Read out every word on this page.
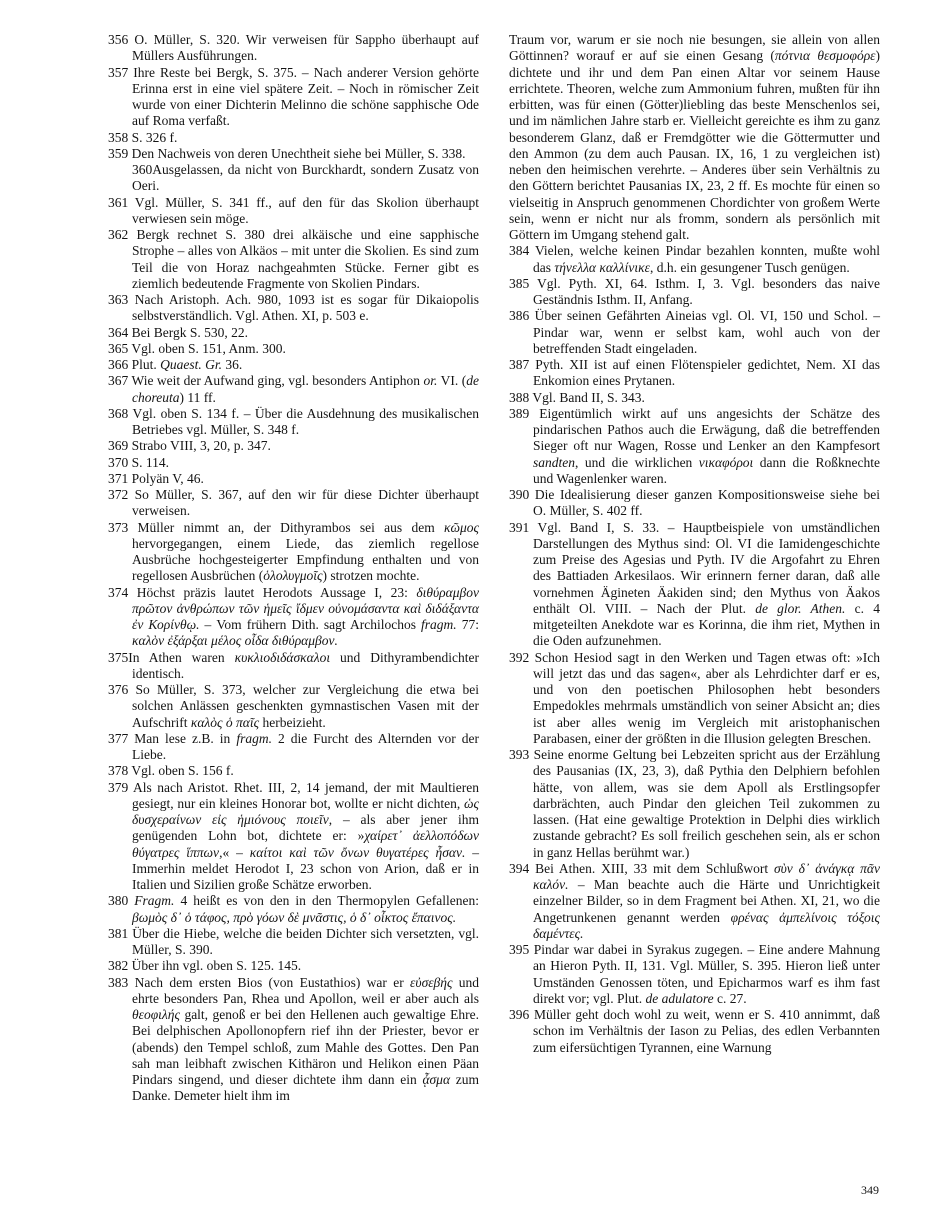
356 O. Müller, S. 320. Wir verweisen für Sappho überhaupt auf Müllers Ausführungen.

357 Ihre Reste bei Bergk, S. 375. – Nach anderer Version gehörte Erinna erst in eine viel spätere Zeit. – Noch in römischer Zeit wurde von einer Dichterin Melinno die schöne sapphische Ode auf Roma verfaßt.

358 S. 326 f.

359 Den Nachweis von deren Unechtheit siehe bei Müller, S. 338.

360Ausgelassen, da nicht von Burckhardt, sondern Zusatz von Oeri.

361 Vgl. Müller, S. 341 ff., auf den für das Skolion überhaupt verwiesen sein möge.

362 Bergk rechnet S. 380 drei alkäische und eine sapphische Strophe – alles von Alkäos – mit unter die Skolien. Es sind zum Teil die von Horaz nachgeahmten Stücke. Ferner gibt es ziemlich bedeutende Fragmente von Skolien Pindars.

363 Nach Aristoph. Ach. 980, 1093 ist es sogar für Dikaiopolis selbstverständlich. Vgl. Athen. XI, p. 503 e.

364 Bei Bergk S. 530, 22.

365 Vgl. oben S. 151, Anm. 300.

366 Plut. Quaest. Gr. 36.

367 Wie weit der Aufwand ging, vgl. besonders Antiphon or. VI. (de choreuta) 11 ff.

368 Vgl. oben S. 134 f. – Über die Ausdehnung des musikalischen Betriebes vgl. Müller, S. 348 f.

369 Strabo VIII, 3, 20, p. 347.

370 S. 114.

371 Polyän V, 46.

372 So Müller, S. 367, auf den wir für diese Dichter überhaupt verweisen.

373 Müller nimmt an, der Dithyrambos sei aus dem κῶμος hervorgegangen, einem Liede, das ziemlich regellose Ausbrüche hochgesteigerter Empfindung enthalten und von regellosen Ausbrüchen (ὁλολυγμοῖς) strotzen mochte.

374 Höchst präzis lautet Herodots Aussage I, 23: διθύραμβον πρῶτον ἀνθρώπων τῶν ἡμεῖς ἴδμεν οὐνομάσαντα καὶ διδάξαντα ἐν Κορίνθῳ. – Vom frühern Dith. sagt Archilochos fragm. 77: καλὸν ἐξάρξαι μέλος οἶδα διθύραμβον.

375In Athen waren κυκλιοδιδάσκαλοι und Dithyrambendichter identisch.

376 So Müller, S. 373, welcher zur Vergleichung die etwa bei solchen Anlässen geschenkten gymnastischen Vasen mit der Aufschrift καλὸς ὁ παῖς herbeizieht.

377 Man lese z.B. in fragm. 2 die Furcht des Alternden vor der Liebe.

378 Vgl. oben S. 156 f.

379 Als nach Aristot. Rhet. III, 2, 14 jemand, der mit Maultieren gesiegt, nur ein kleines Honorar bot, wollte er nicht dichten, ὡς δυσχεραίνων εἰς ἡμιόνους ποιεῖν, – als aber jener ihm genügenden Lohn bot, dichtete er: »χαίρετ᾽ ἀελλοπόδων θύγατρες ἵππων,« – καίτοι καὶ τῶν ὄνων θυγατέρες ἦσαν. – Immerhin meldet Herodot I, 23 schon von Arion, daß er in Italien und Sizilien große Schätze erworben.

380 Fragm. 4 heißt es von den in den Thermopylen Gefallenen: βωμὸς δ᾽ ὁ τάφος, πρὸ γόων δὲ μνᾶστις, ὁ δ᾽ οἶκτος ἔπαινος.

381 Über die Hiebe, welche die beiden Dichter sich versetzten, vgl. Müller, S. 390.

382 Über ihn vgl. oben S. 125. 145.

383 Nach dem ersten Bios (von Eustathios) war er εὐσεβής und ehrte besonders Pan, Rhea und Apollon, weil er aber auch als θεοφιλής galt, genoß er bei den Hellenen auch gewaltige Ehre. Bei delphischen Apollonopfern rief ihn der Priester, bevor er (abends) den Tempel schloß, zum Mahle des Gottes. Den Pan sah man leibhaft zwischen Kithäron und Helikon einen Päan Pindars singend, und dieser dichtete ihm dann ein ᾆσμα zum Danke. Demeter hielt ihm im

Traum vor, warum er sie noch nie besungen, sie allein von allen Göttinnen? worauf er auf sie einen Gesang (πότνια θεσμοφόρε) dichtete und ihr und dem Pan einen Altar vor seinem Hause errichtete. Theoren, welche zum Ammonium fuhren, mußten für ihn erbitten, was für einen (Götter)liebling das beste Menschenlos sei, und im nämlichen Jahre starb er. Vielleicht gereichte es ihm zu ganz besonderem Glanz, daß er Fremdgötter wie die Göttermutter und den Ammon (zu dem auch Pausan. IX, 16, 1 zu vergleichen ist) neben den heimischen verehrte. – Anderes über sein Verhältnis zu den Göttern berichtet Pausanias IX, 23, 2 ff. Es mochte für einen so vielseitig in Anspruch genommenen Chordichter von großem Werte sein, wenn er nicht nur als fromm, sondern als persönlich mit Göttern im Umgang stehend galt.

384 Vielen, welche keinen Pindar bezahlen konnten, mußte wohl das τήνελλα καλλίνικε, d.h. ein gesungener Tusch genügen.

385 Vgl. Pyth. XI, 64. Isthm. I, 3. Vgl. besonders das naive Geständnis Isthm. II, Anfang.

386 Über seinen Gefährten Aineias vgl. Ol. VI, 150 und Schol. – Pindar war, wenn er selbst kam, wohl auch von der betreffenden Stadt eingeladen.

387 Pyth. XII ist auf einen Flötenspieler gedichtet, Nem. XI das Enkomion eines Prytanen.

388 Vgl. Band II, S. 343.

389 Eigentümlich wirkt auf uns angesichts der Schätze des pindarischen Pathos auch die Erwägung, daß die betreffenden Sieger oft nur Wagen, Rosse und Lenker an den Kampfesort sandten, und die wirklichen νικαφόροι dann die Roßknechte und Wagenlenker waren.

390 Die Idealisierung dieser ganzen Kompositionsweise siehe bei O. Müller, S. 402 ff.

391 Vgl. Band I, S. 33. – Hauptbeispiele von umständlichen Darstellungen des Mythus sind: Ol. VI die Iamidengeschichte zum Preise des Agesias und Pyth. IV die Argofahrt zu Ehren des Battiaden Arkesilaos. Wir erinnern ferner daran, daß alle vornehmen Ägineten Äakiden sind; den Mythus von Äakos enthält Ol. VIII. – Nach der Plut. de glor. Athen. c. 4 mitgeteilten Anekdote war es Korinna, die ihm riet, Mythen in die Oden aufzunehmen.

392 Schon Hesiod sagt in den Werken und Tagen etwas oft: »Ich will jetzt das und das sagen«, aber als Lehrdichter darf er es, und von den poetischen Philosophen hebt besonders Empedokles mehrmals umständlich von seiner Absicht an; dies ist aber alles wenig im Vergleich mit aristophanischen Parabasen, einer der größten in die Illusion gelegten Breschen.

393 Seine enorme Geltung bei Lebzeiten spricht aus der Erzählung des Pausanias (IX, 23, 3), daß Pythia den Delphiern befohlen hätte, von allem, was sie dem Apoll als Erstlingsopfer darbrächten, auch Pindar den gleichen Teil zukommen zu lassen. (Hat eine gewaltige Protektion in Delphi dies wirklich zustande gebracht? Es soll freilich geschehen sein, als er schon in ganz Hellas berühmt war.)

394 Bei Athen. XIII, 33 mit dem Schlußwort σὺν δ᾽ ἀνάγκᾳ πᾶν καλόν. – Man beachte auch die Härte und Unrichtigkeit einzelner Bilder, so in dem Fragment bei Athen. XI, 21, wo die Angetrunkenen genannt werden φρένας ἀμπελίνοις τόξοις δαμέντες.

395 Pindar war dabei in Syrakus zugegen. – Eine andere Mahnung an Hieron Pyth. II, 131. Vgl. Müller, S. 395. Hieron ließ unter Umständen Genossen töten, und Epicharmos warf es ihm fast direkt vor; vgl. Plut. de adulatore c. 27.

396 Müller geht doch wohl zu weit, wenn er S. 410 annimmt, daß schon im Verhältnis der Iason zu Pelias, des edlen Verbannten zum eifersüchtigen Tyrannen, eine Warnung

349
